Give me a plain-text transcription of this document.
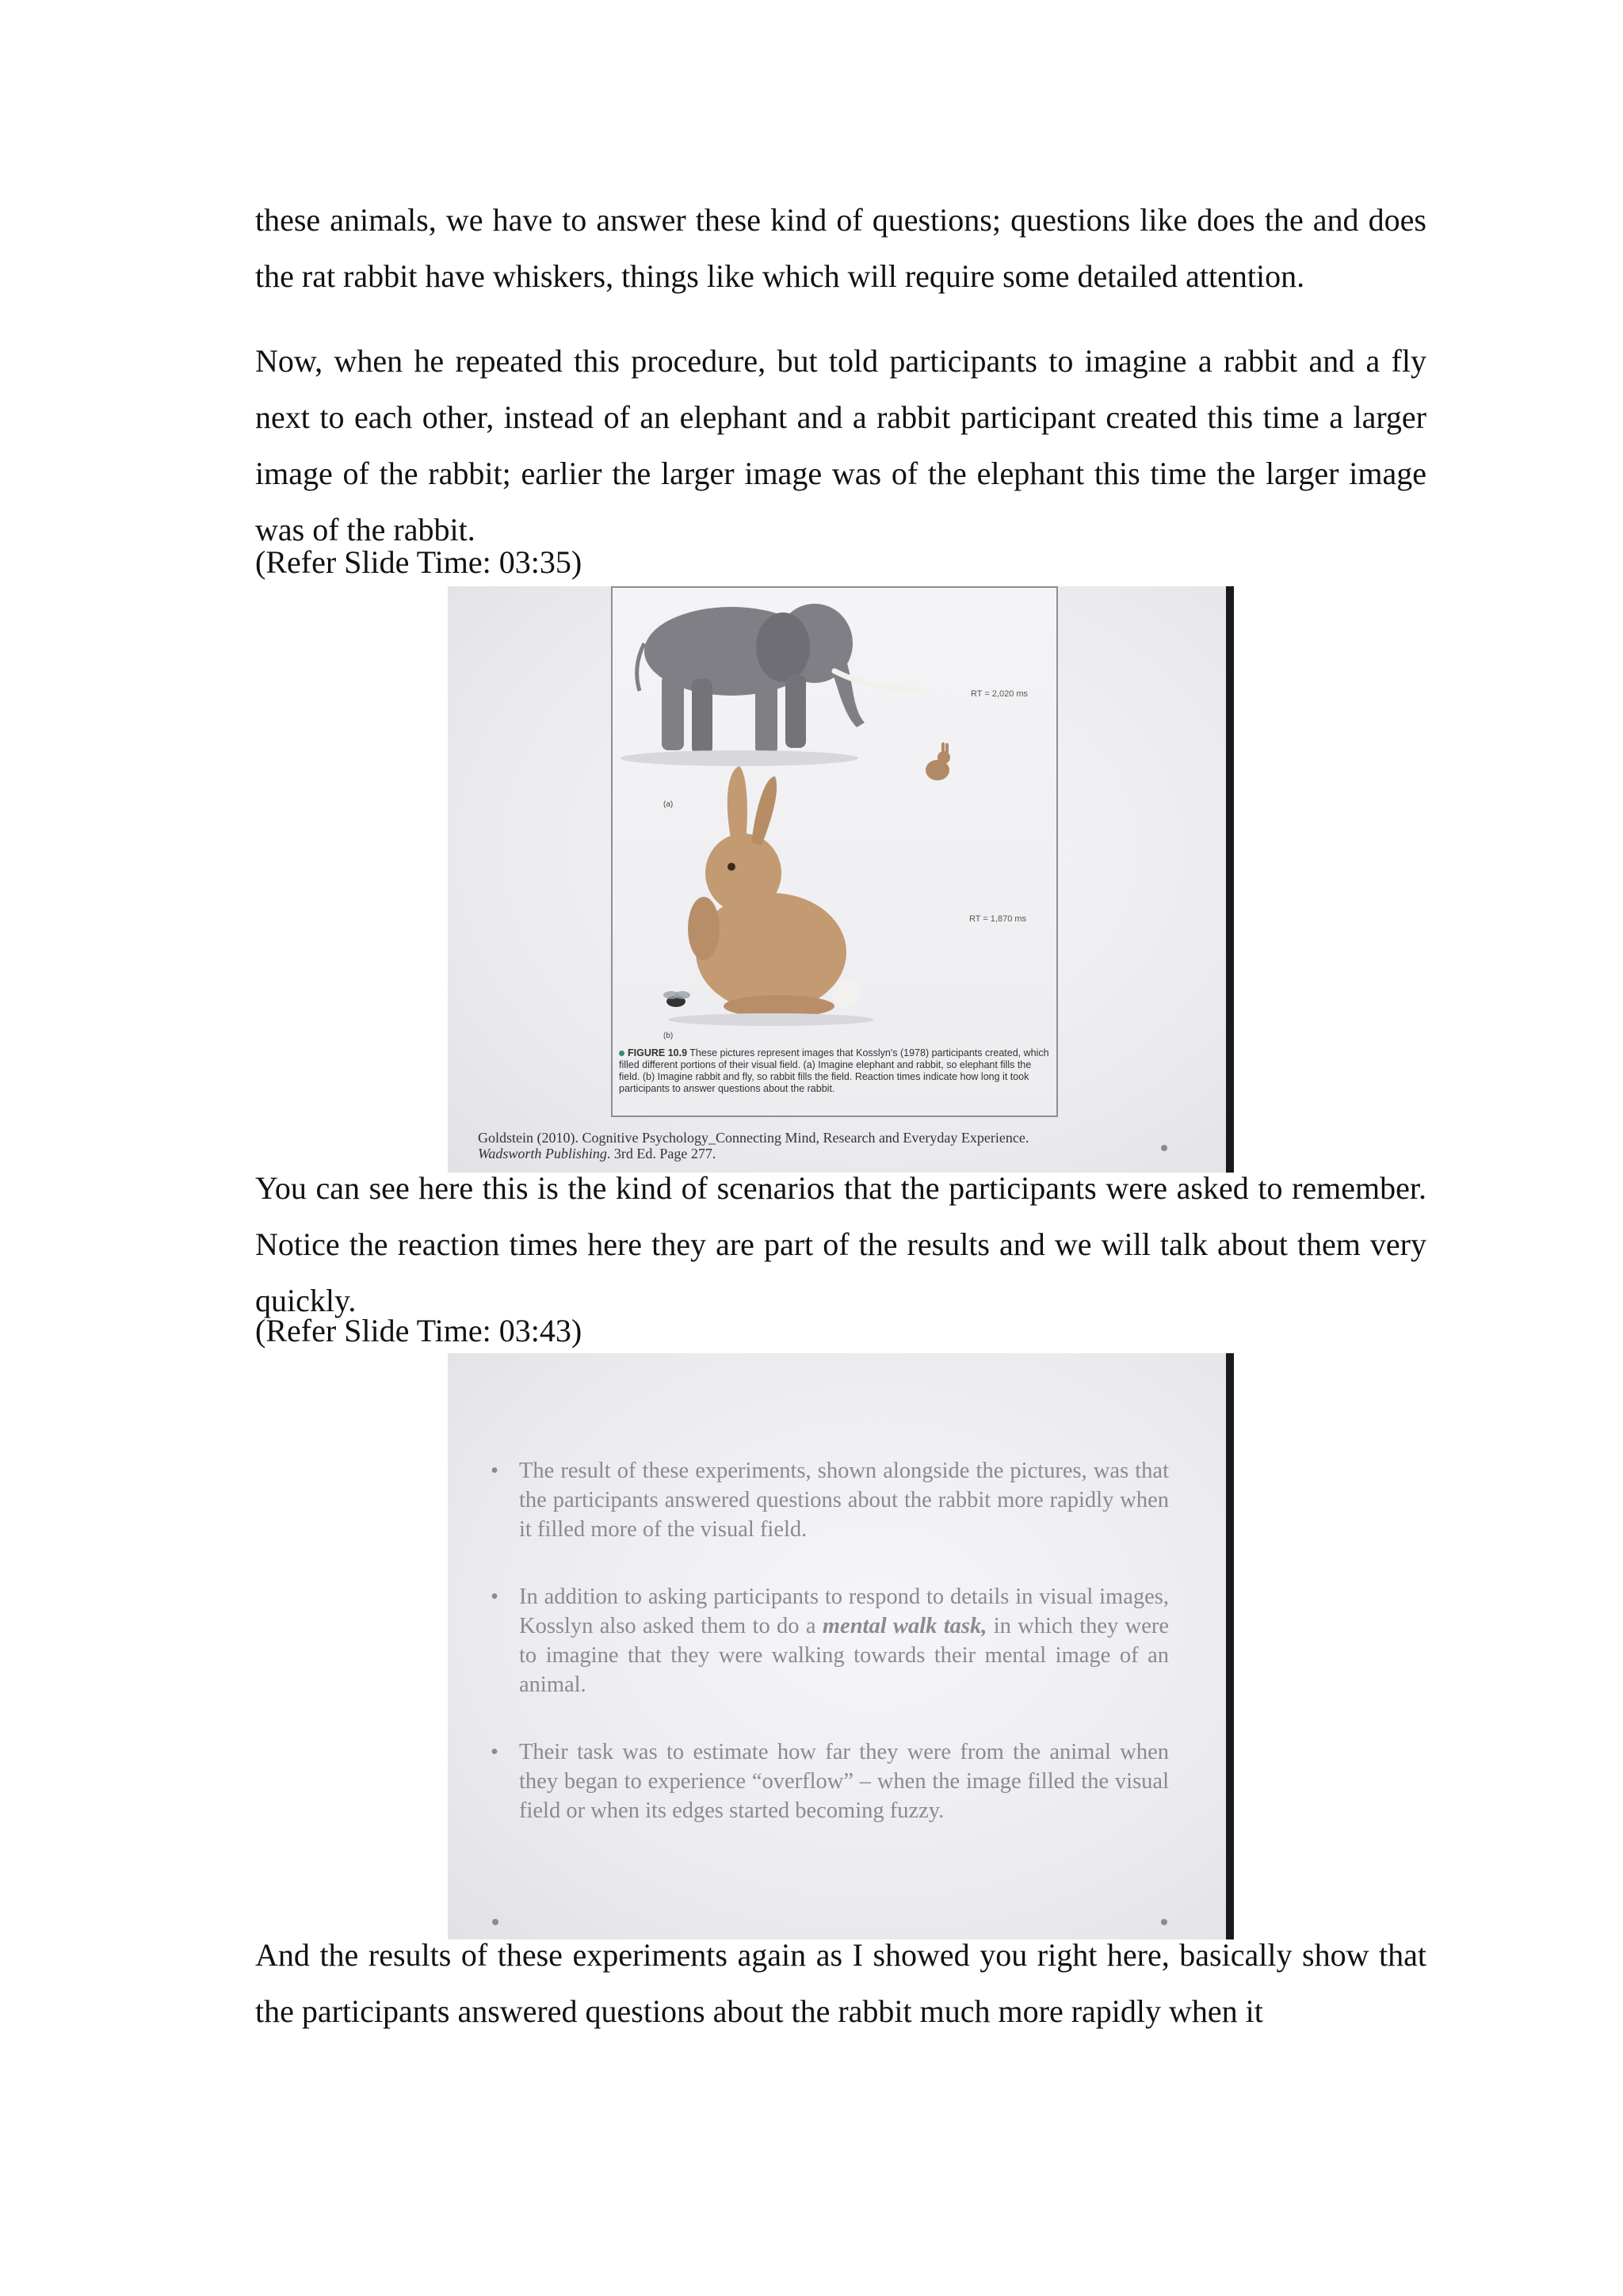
these animals, we have to answer these kind of questions; questions like does the and does the rat rabbit have whiskers, things like which will require some detailed attention.

Now, when he repeated this procedure, but told participants to imagine a rabbit and a fly next to each other, instead of an elephant and a rabbit participant created this time a larger image of the rabbit; earlier the larger image was of the elephant this time the larger image was of the rabbit.

(Refer Slide Time: 03:35)

RT = 2,020 ms
RT = 1,870 ms
(a)
(b)
FIGURE 10.9 These pictures represent images that Kosslyn's (1978) participants created, which filled different portions of their visual field. (a) Imagine elephant and rabbit, so elephant fills the field. (b) Imagine rabbit and fly, so rabbit fills the field. Reaction times indicate how long it took participants to answer questions about the rabbit.
Goldstein (2010). Cognitive Psychology_Connecting Mind, Research and Everyday Experience.
Wadsworth Publishing. 3rd Ed. Page 277.

You can see here this is the kind of scenarios that the participants were asked to remember. Notice the reaction times here they are part of the results and we will talk about them very quickly.

(Refer Slide Time: 03:43)

• The result of these experiments, shown alongside the pictures, was that the participants answered questions about the rabbit more rapidly when it filled more of the visual field.
• In addition to asking participants to respond to details in visual images, Kosslyn also asked them to do a mental walk task, in which they were to imagine that they were walking towards their mental image of an animal.
• Their task was to estimate how far they were from the animal when they began to experience “overflow” – when the image filled the visual field or when its edges started becoming fuzzy.

And the results of these experiments again as I showed you right here, basically show that the participants answered questions about the rabbit much more rapidly when it
